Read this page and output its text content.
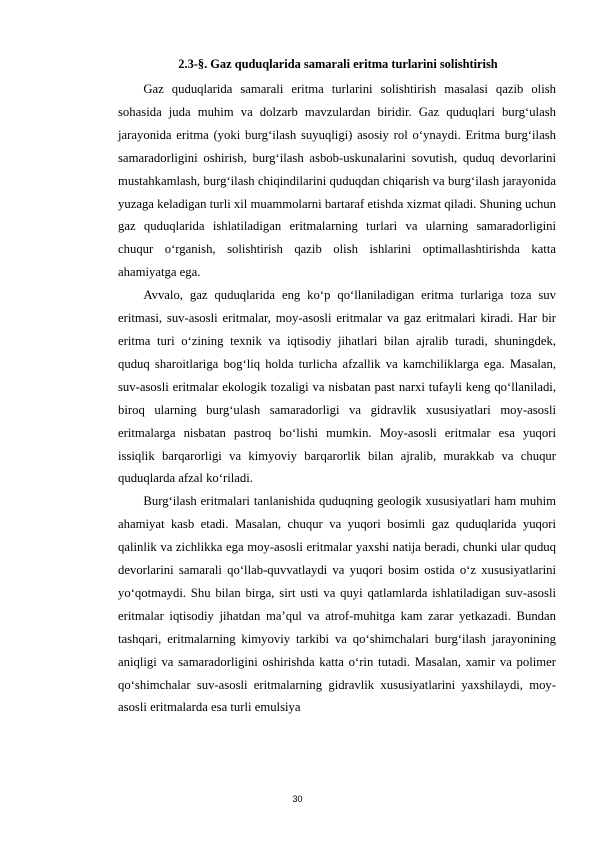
2.3-§. Gaz quduqlarida samarali eritma turlarini solishtirish

Gaz quduqlarida samarali eritma turlarini solishtirish masalasi qazib olish sohasida juda muhim va dolzarb mavzulardan biridir. Gaz quduqlari burg‘ulash jarayonida eritma (yoki burg‘ilash suyuqligi) asosiy rol o‘ynaydi. Eritma burg‘ilash samaradorligini oshirish, burg‘ilash asbob-uskunalarini sovutish, quduq devorlarini mustahkamlash, burg‘ilash chiqindilarini quduqdan chiqarish va burg‘ilash jarayonida yuzaga keladigan turli xil muammolarni bartaraf etishda xizmat qiladi. Shuning uchun gaz quduqlarida ishlatiladigan eritmalarning turlari va ularning samaradorligini chuqur o‘rganish, solishtirish qazib olish ishlarini optimallashtirishda katta ahamiyatga ega.

Avvalo, gaz quduqlarida eng ko‘p qo‘llaniladigan eritma turlariga toza suv eritmasi, suv-asosli eritmalar, moy-asosli eritmalar va gaz eritmalari kiradi. Har bir eritma turi o‘zining texnik va iqtisodiy jihatlari bilan ajralib turadi, shuningdek, quduq sharoitlariga bog‘liq holda turlicha afzallik va kamchiliklarga ega. Masalan, suv-asosli eritmalar ekologik tozaligi va nisbatan past narxi tufayli keng qo‘llaniladi, biroq ularning burg‘ulash samaradorligi va gidravlik xususiyatlari moy-asosli eritmalarga nisbatan pastroq bo‘lishi mumkin. Moy-asosli eritmalar esa yuqori issiqlik barqarorligi va kimyoviy barqarorlik bilan ajralib, murakkab va chuqur quduqlarda afzal ko‘riladi.

Burg‘ilash eritmalari tanlanishida quduqning geologik xususiyatlari ham muhim ahamiyat kasb etadi. Masalan, chuqur va yuqori bosimli gaz quduqlarida yuqori qalinlik va zichlikka ega moy-asosli eritmalar yaxshi natija beradi, chunki ular quduq devorlarini samarali qo‘llab-quvvatlaydi va yuqori bosim ostida o‘z xususiyatlarini yo‘qotmaydi. Shu bilan birga, sirt usti va quyi qatlamlarda ishlatiladigan suv-asosli eritmalar iqtisodiy jihatdan ma’qul va atrof-muhitga kam zarar yetkazadi. Bundan tashqari, eritmalarning kimyoviy tarkibi va qo‘shimchalari burg‘ilash jarayonining aniqligi va samaradorligini oshirishda katta o‘rin tutadi. Masalan, xamir va polimer qo‘shimchalar suv-asosli eritmalarning gidravlik xususiyatlarini yaxshilaydi, moy-asosli eritmalarda esa turli emulsiya

30
